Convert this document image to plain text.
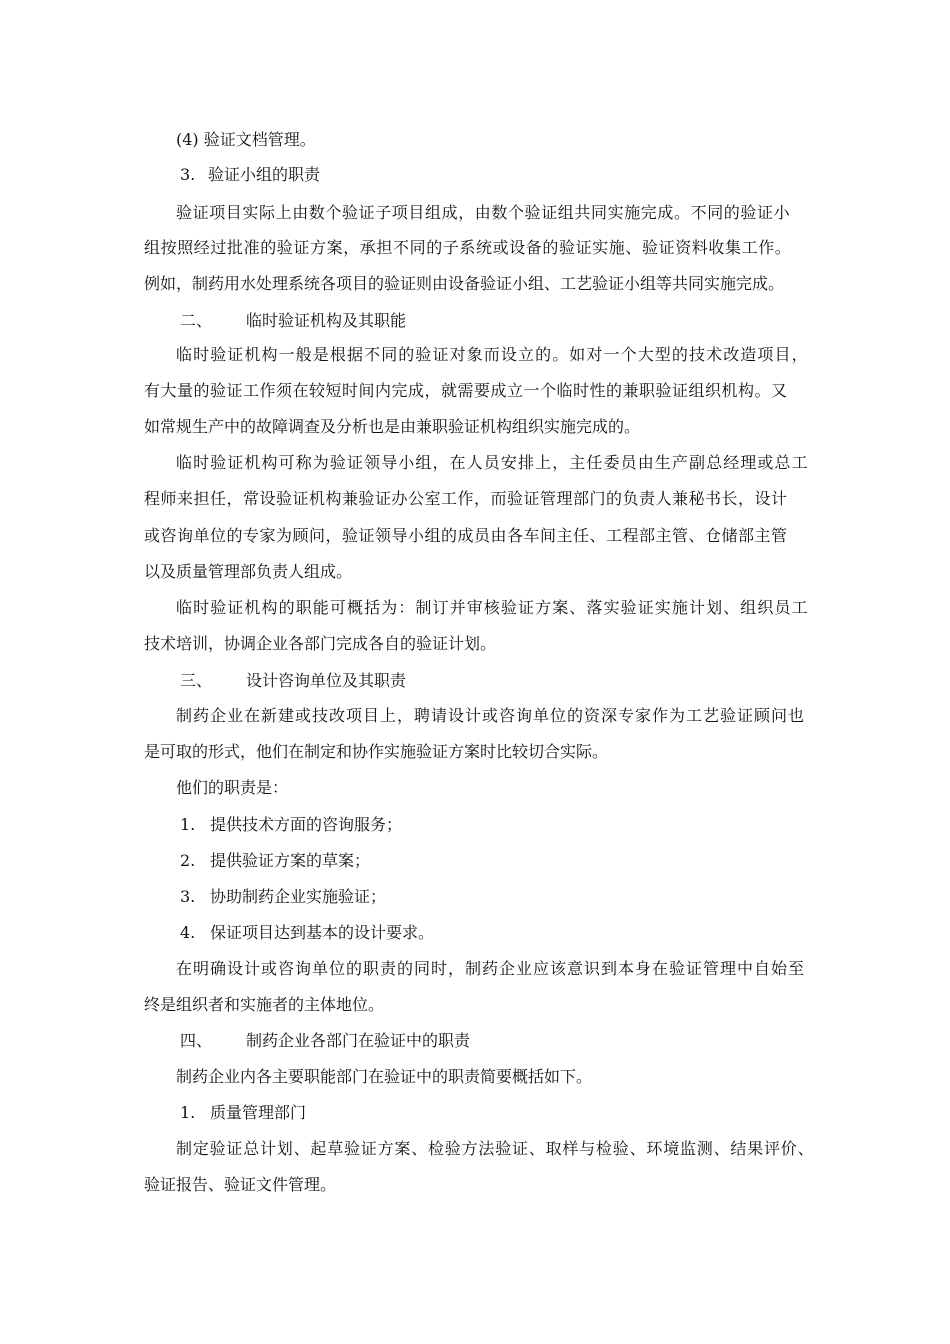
(4) 验证文档管理。
3. 验证小组的职责
验证项目实际上由数个验证子项目组成，由数个验证组共同实施完成。不同的验证小
组按照经过批准的验证方案，承担不同的子系统或设备的验证实施、验证资料收集工作。
例如，制药用水处理系统各项目的验证则由设备验证小组、工艺验证小组等共同实施完成。
二、 临时验证机构及其职能
临时验证机构一般是根据不同的验证对象而设立的。如对一个大型的技术改造项目，
有大量的验证工作须在较短时间内完成，就需要成立一个临时性的兼职验证组织机构。又
如常规生产中的故障调查及分析也是由兼职验证机构组织实施完成的。
临时验证机构可称为验证领导小组，在人员安排上，主任委员由生产副总经理或总工
程师来担任，常设验证机构兼验证办公室工作，而验证管理部门的负责人兼秘书长，设计
或咨询单位的专家为顾问，验证领导小组的成员由各车间主任、工程部主管、仓储部主管
以及质量管理部负责人组成。
临时验证机构的职能可概括为：制订并审核验证方案、落实验证实施计划、组织员工
技术培训，协调企业各部门完成各自的验证计划。
三、 设计咨询单位及其职责
制药企业在新建或技改项目上，聘请设计或咨询单位的资深专家作为工艺验证顾问也
是可取的形式，他们在制定和协作实施验证方案时比较切合实际。
他们的职责是：
1. 提供技术方面的咨询服务；
2. 提供验证方案的草案；
3. 协助制药企业实施验证；
4. 保证项目达到基本的设计要求。
在明确设计或咨询单位的职责的同时，制药企业应该意识到本身在验证管理中自始至
终是组织者和实施者的主体地位。
四、 制药企业各部门在验证中的职责
制药企业内各主要职能部门在验证中的职责简要概括如下。
1. 质量管理部门
制定验证总计划、起草验证方案、检验方法验证、取样与检验、环境监测、结果评价、
验证报告、验证文件管理。
